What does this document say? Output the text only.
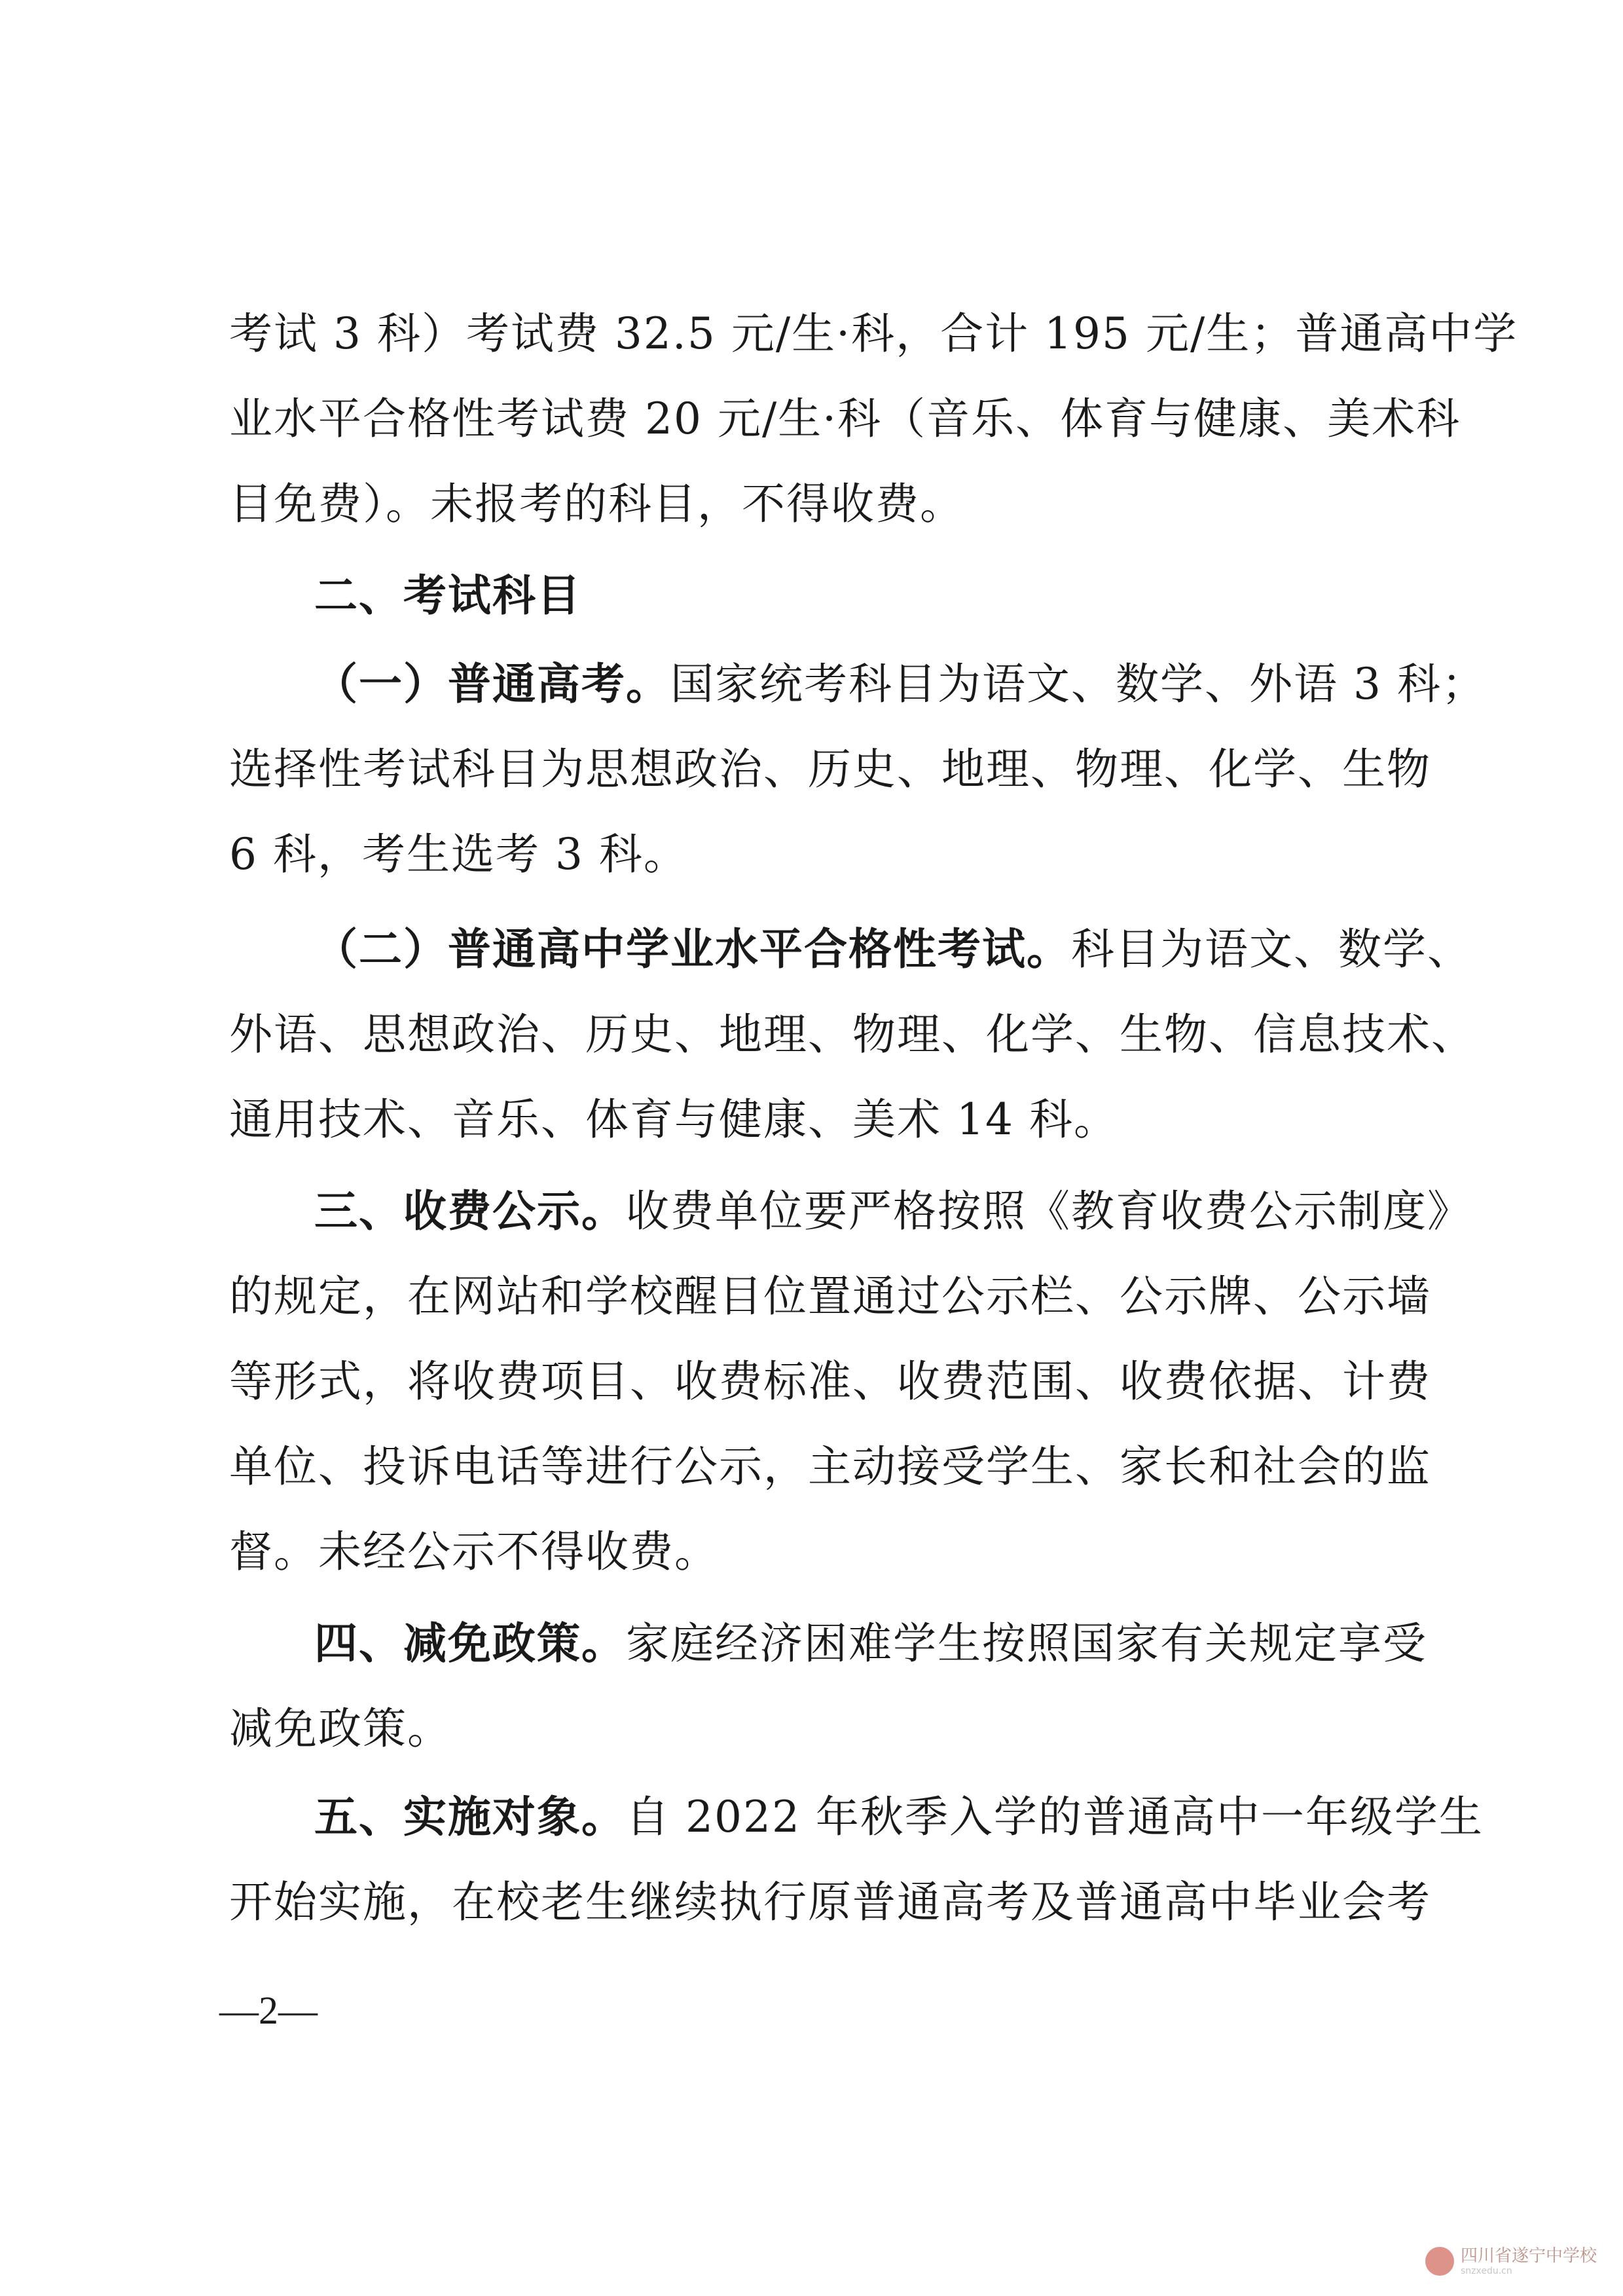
考试 3 科）考试费 32.5 元/生·科，合计 195 元/生；普通高中学
业水平合格性考试费 20 元/生·科（音乐、体育与健康、美术科
目免费）。未报考的科目，不得收费。
二、考试科目
（一）普通高考。国家统考科目为语文、数学、外语 3 科；
选择性考试科目为思想政治、历史、地理、物理、化学、生物
6 科，考生选考 3 科。
（二）普通高中学业水平合格性考试。科目为语文、数学、
外语、思想政治、历史、地理、物理、化学、生物、信息技术、
通用技术、音乐、体育与健康、美术 14 科。
三、收费公示。收费单位要严格按照《教育收费公示制度》
的规定，在网站和学校醒目位置通过公示栏、公示牌、公示墙
等形式，将收费项目、收费标准、收费范围、收费依据、计费
单位、投诉电话等进行公示，主动接受学生、家长和社会的监
督。未经公示不得收费。
四、减免政策。家庭经济困难学生按照国家有关规定享受
减免政策。
五、实施对象。自 2022 年秋季入学的普通高中一年级学生
开始实施，在校老生继续执行原普通高考及普通高中毕业会考
—2—
四川省遂宁中学校
snzxedu.cn
